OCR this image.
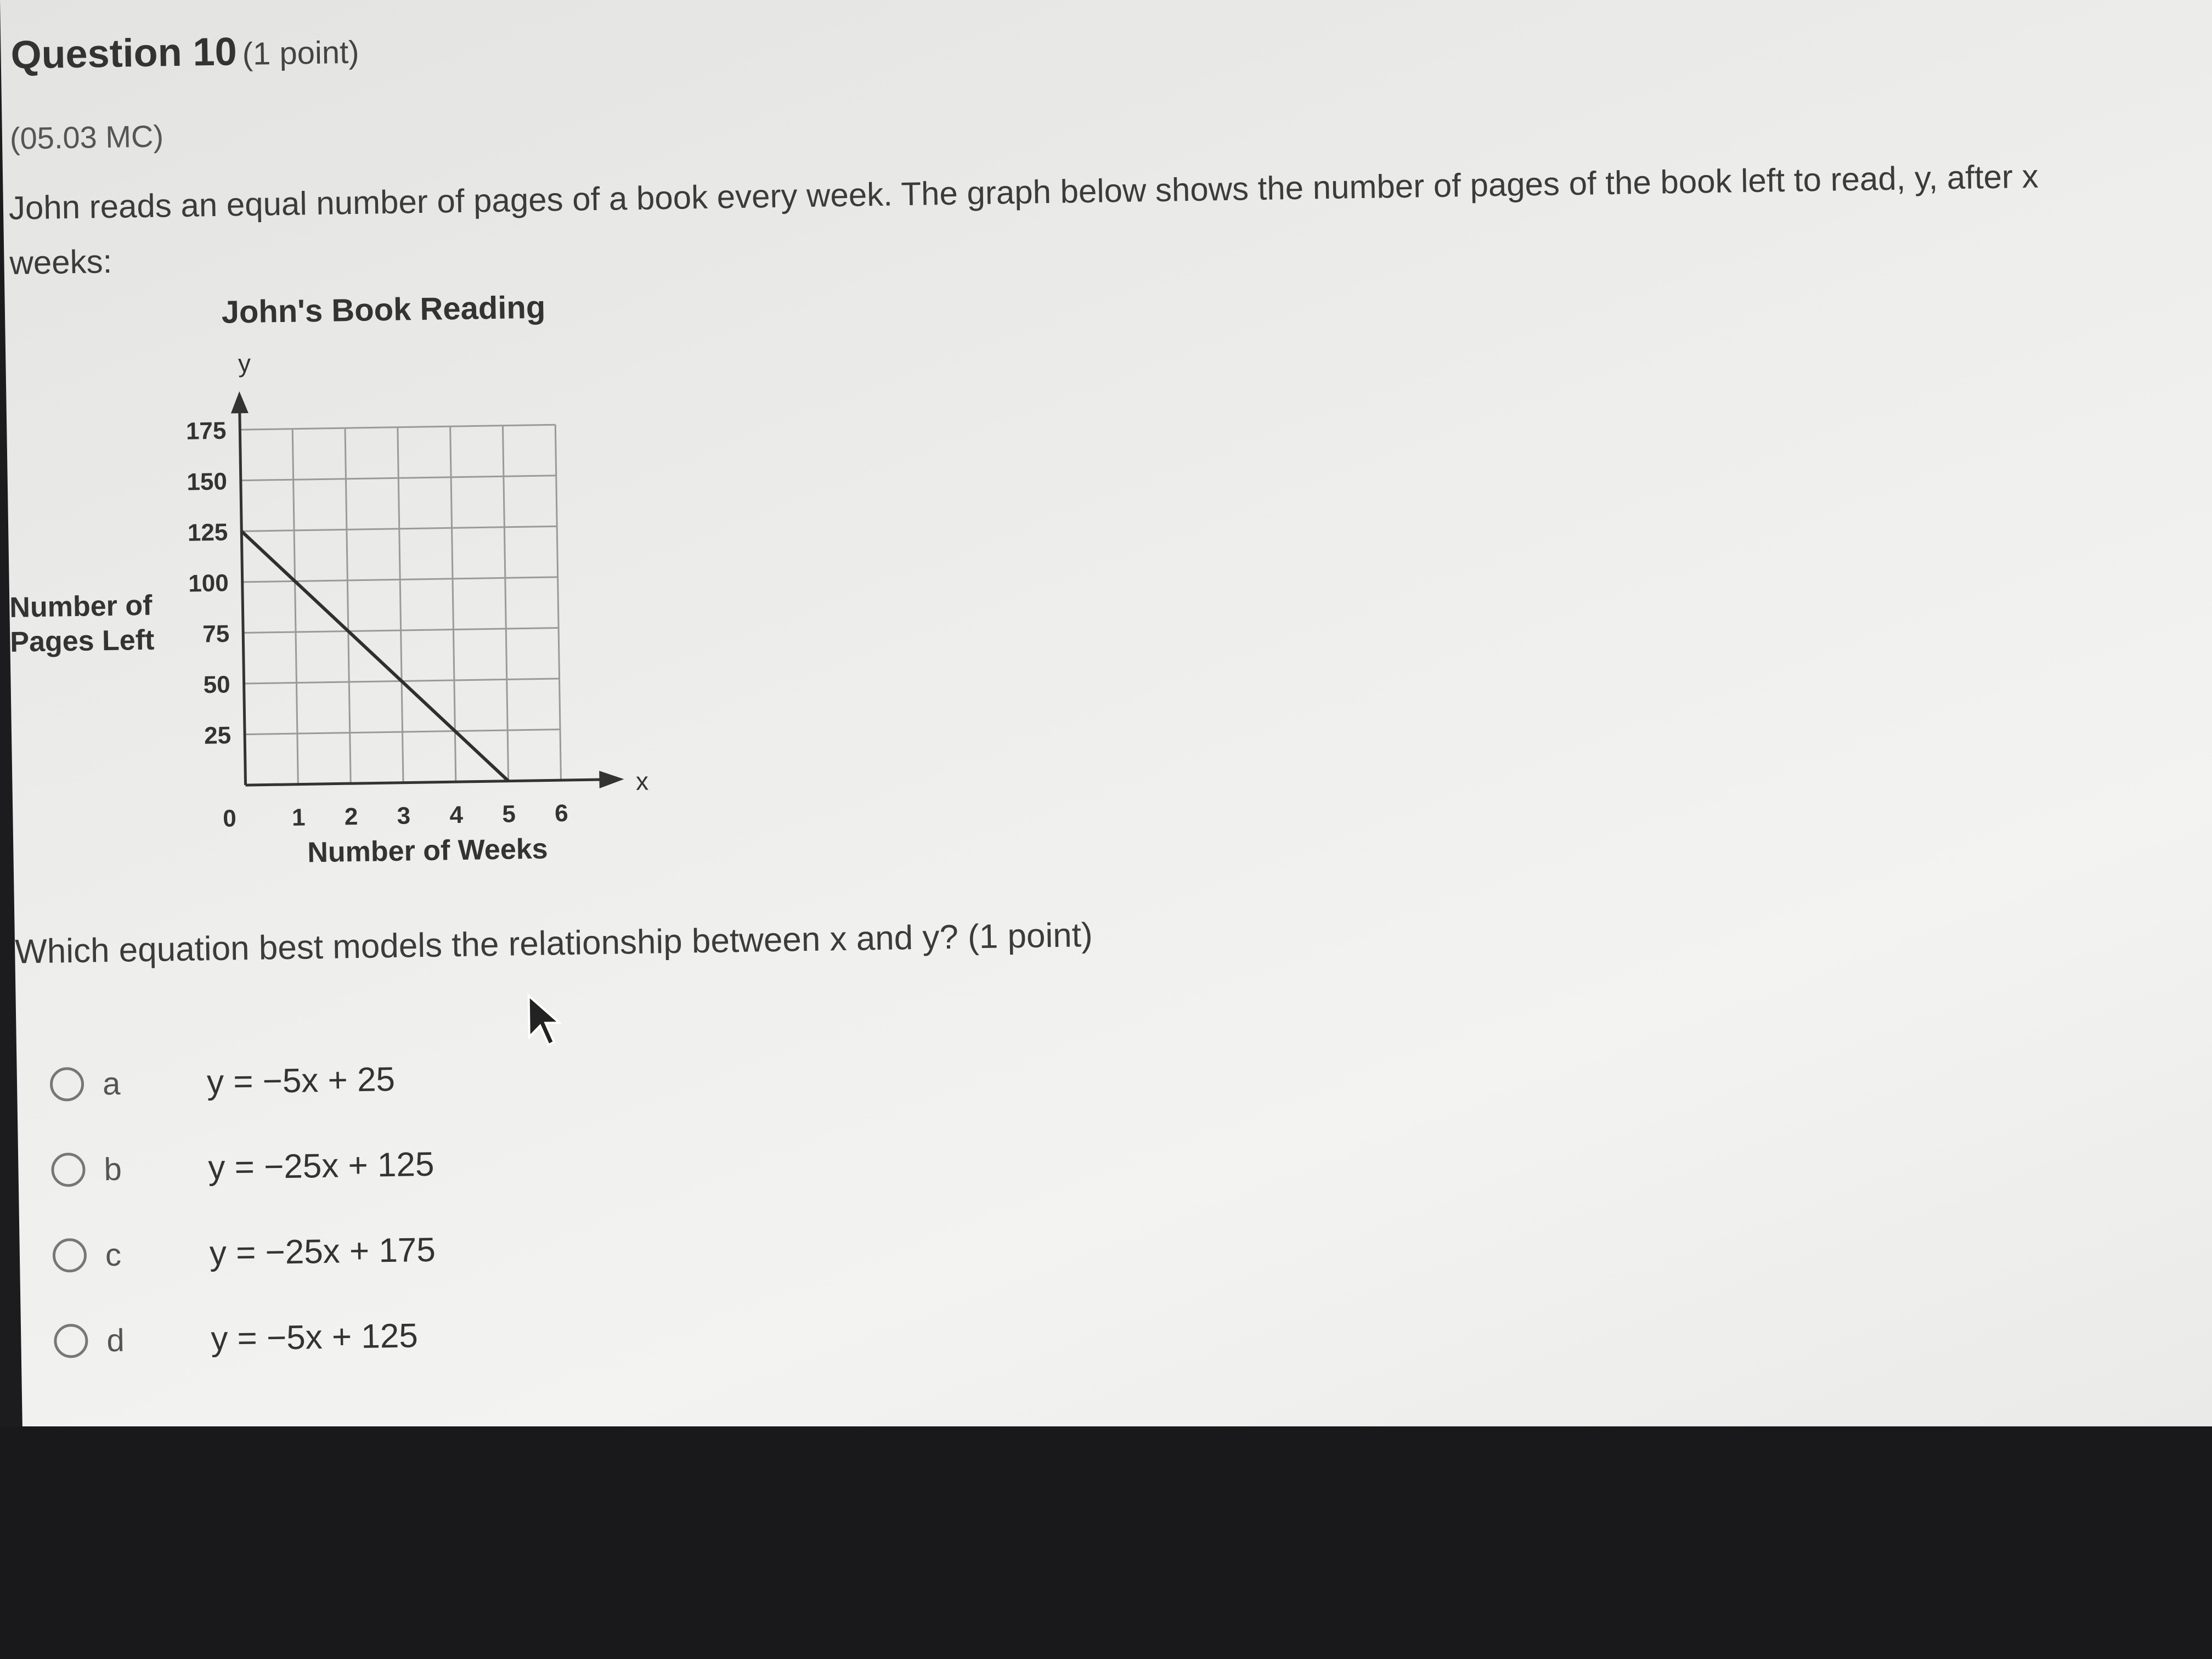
Question 10 (1 point)
(05.03 MC)
John reads an equal number of pages of a book every week. The graph below shows the number of pages of the book left to read, y, after x weeks:
John's Book Reading
y
Number of
Pages Left
Number of Weeks
x
25
50
75
100
125
150
175
0 1 2 3 4 5 6
Which equation best models the relationship between x and y? (1 point)
a	y = −5x + 25
b	y = −25x + 125
c	y = −25x + 175
d	y = −5x + 125
